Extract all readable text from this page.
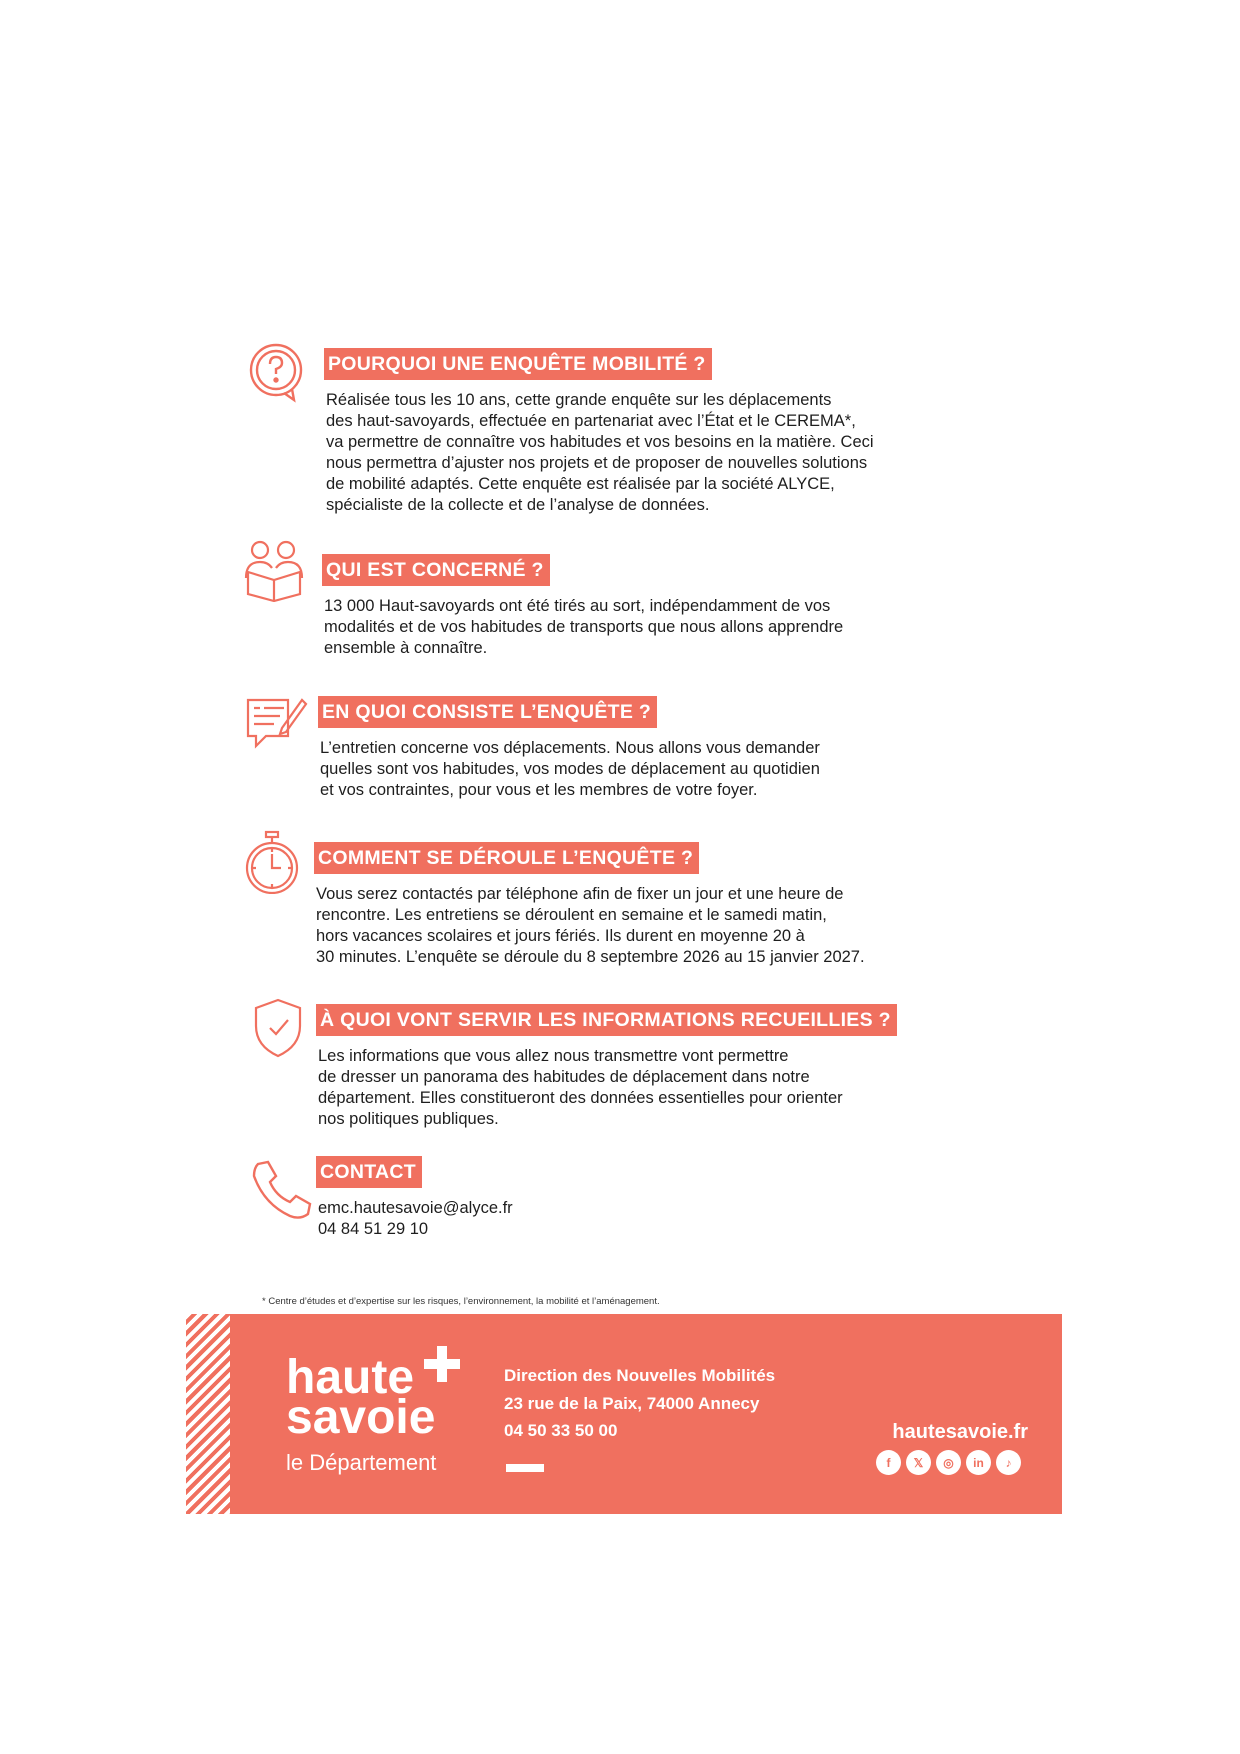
POURQUOI UNE ENQUÊTE MOBILITÉ ?
Réalisée tous les 10 ans, cette grande enquête sur les déplacements
des haut-savoyards, effectuée en partenariat avec l’État et le CEREMA*,
va permettre de connaître vos habitudes et vos besoins en la matière. Ceci
nous permettra d’ajuster nos projets et de proposer de nouvelles solutions
de mobilité adaptés. Cette enquête est réalisée par la société ALYCE,
spécialiste de la collecte et de l’analyse de données.
QUI EST CONCERNÉ ?
13 000 Haut-savoyards ont été tirés au sort, indépendamment de vos
modalités et de vos habitudes de transports que nous allons apprendre
ensemble à connaître.
EN QUOI CONSISTE L’ENQUÊTE ?
L’entretien concerne vos déplacements. Nous allons vous demander
quelles sont vos habitudes, vos modes de déplacement au quotidien
et vos contraintes, pour vous et les membres de votre foyer.
COMMENT SE DÉROULE L’ENQUÊTE ?
Vous serez contactés par téléphone afin de fixer un jour et une heure de
rencontre. Les entretiens se déroulent en semaine et le samedi matin,
hors vacances scolaires et jours fériés. Ils durent en moyenne 20 à
30 minutes. L’enquête se déroule du 8 septembre 2026 au 15 janvier 2027.
À QUOI VONT SERVIR LES INFORMATIONS RECUEILLIES ?
Les informations que vous allez nous transmettre vont permettre
de dresser un panorama des habitudes de déplacement dans notre
département. Elles constitueront des données essentielles pour orienter
nos politiques publiques.
CONTACT
emc.hautesavoie@alyce.fr
04 84 51 29 10
* Centre d’études et d’expertise sur les risques, l’environnement, la mobilité et l’aménagement.
haute
savoie
le Département
Direction des Nouvelles Mobilités
23 rue de la Paix, 74000 Annecy
04 50 33 50 00	hautesavoie.fr
f	𝕏	◎	in	♪
